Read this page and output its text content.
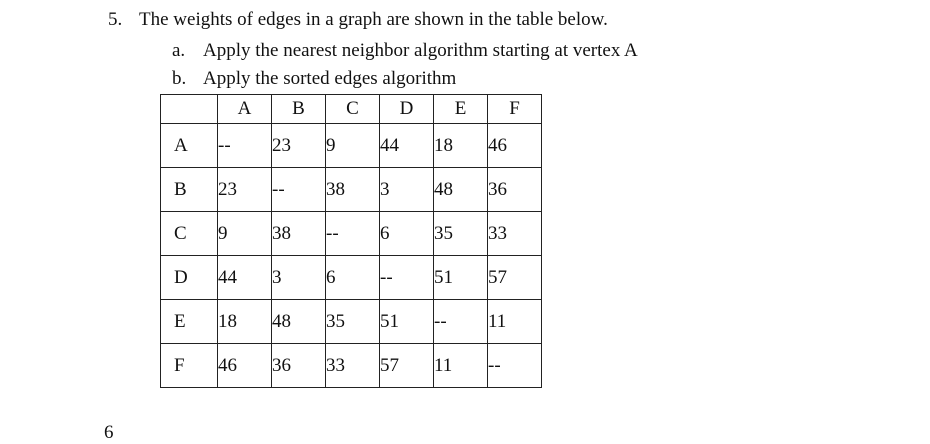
5. The weights of edges in a graph are shown in the table below.
a. Apply the nearest neighbor algorithm starting at vertex A
b. Apply the sorted edges algorithm
	A	B	C	D	E	F
A	--	23	9	44	18	46
B	23	--	38	3	48	36
C	9	38	--	6	35	33
D	44	3	6	--	51	57
E	18	48	35	51	--	11
F	46	36	33	57	11	--
6
